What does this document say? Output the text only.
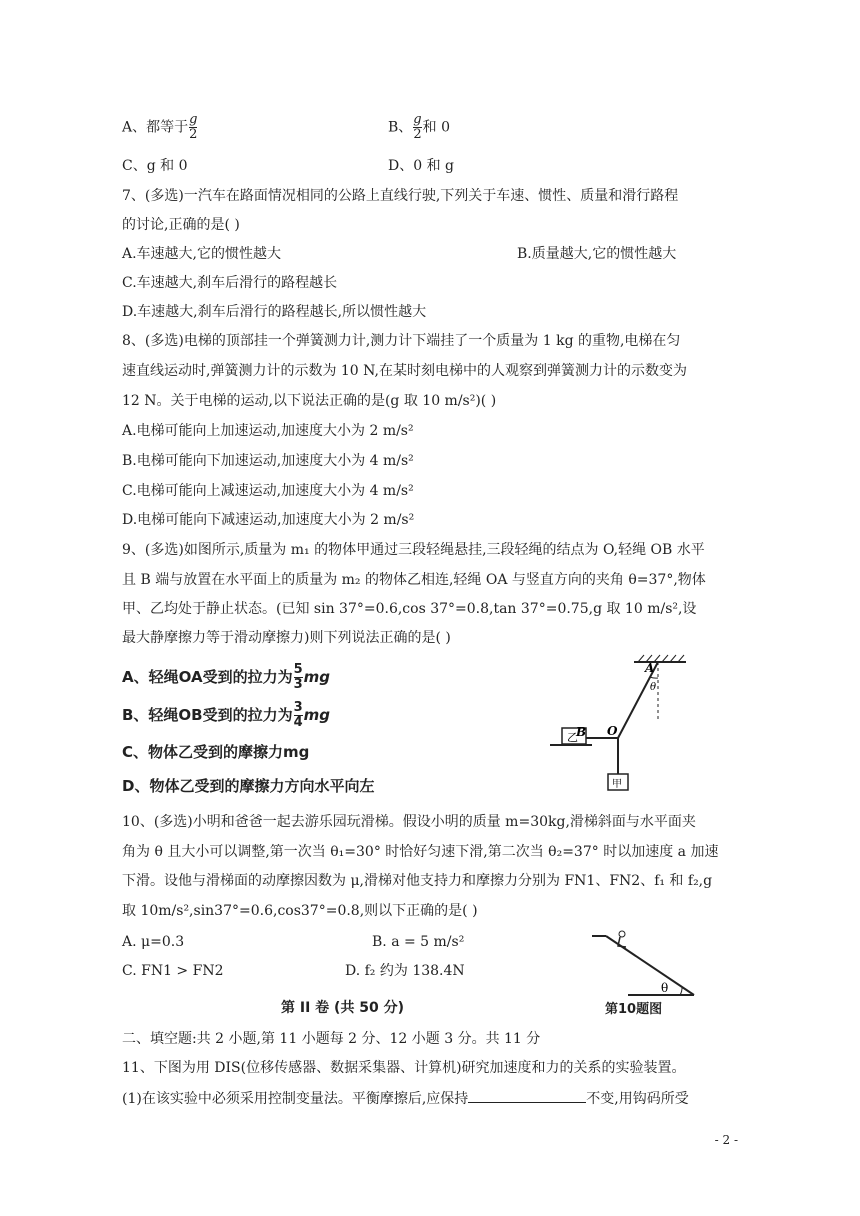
A、都等于 $\frac{g}{2}$	B、 $\frac{g}{2}$ 和 0
C、g 和 0	D、0 和 g
7、(多选)一汽车在路面情况相同的公路上直线行驶,下列关于车速、惯性、质量和滑行路程
的讨论,正确的是( )
A.车速越大,它的惯性越大	B.质量越大,它的惯性越大
C.车速越大,刹车后滑行的路程越长
D.车速越大,刹车后滑行的路程越长,所以惯性越大
8、(多选)电梯的顶部挂一个弹簧测力计,测力计下端挂了一个质量为 1 kg 的重物,电梯在匀
速直线运动时,弹簧测力计的示数为 10 N,在某时刻电梯中的人观察到弹簧测力计的示数变为
12 N。关于电梯的运动,以下说法正确的是(g 取 10 m/s²)( )
A.电梯可能向上加速运动,加速度大小为 2 m/s²
B.电梯可能向下加速运动,加速度大小为 4 m/s²
C.电梯可能向上减速运动,加速度大小为 4 m/s²
D.电梯可能向下减速运动,加速度大小为 2 m/s²
9、(多选)如图所示,质量为 m₁ 的物体甲通过三段轻绳悬挂,三段轻绳的结点为 O,轻绳 OB 水平
且 B 端与放置在水平面上的质量为 m₂ 的物体乙相连,轻绳 OA 与竖直方向的夹角 θ=37°,物体
甲、乙均处于静止状态。(已知 sin 37°=0.6,cos 37°=0.8,tan 37°=0.75,g 取 10 m/s²,设
最大静摩擦力等于滑动摩擦力)则下列说法正确的是( )
A、轻绳OA受到的拉力为 $\frac{5}{3}$ mg
B、轻绳OB受到的拉力为 $\frac{3}{4}$ mg
C、物体乙受到的摩擦力mg
D、物体乙受到的摩擦力方向水平向左
A
θ
B O
乙
甲
10、(多选)小明和爸爸一起去游乐园玩滑梯。假设小明的质量 m=30kg,滑梯斜面与水平面夹
角为 θ 且大小可以调整,第一次当 θ₁=30° 时恰好匀速下滑,第二次当 θ₂=37° 时以加速度 a 加速
下滑。设他与滑梯面的动摩擦因数为 μ,滑梯对他支持力和摩擦力分别为 FN1、FN2、f₁ 和 f₂,g
取 10m/s²,sin37°=0.6,cos37°=0.8,则以下正确的是( )
A. μ=0.3	B. a = 5 m/s²
C. FN1 > FN2	D. f₂ 约为 138.4N
θ
第10题图
第 II 卷 (共 50 分)
二、填空题:共 2 小题,第 11 小题每 2 分、12 小题 3 分。共 11 分
11、下图为用 DIS(位移传感器、数据采集器、计算机)研究加速度和力的关系的实验装置。
(1)在该实验中必须采用控制变量法。平衡摩擦后,应保持	不变,用钩码所受
- 2 -
